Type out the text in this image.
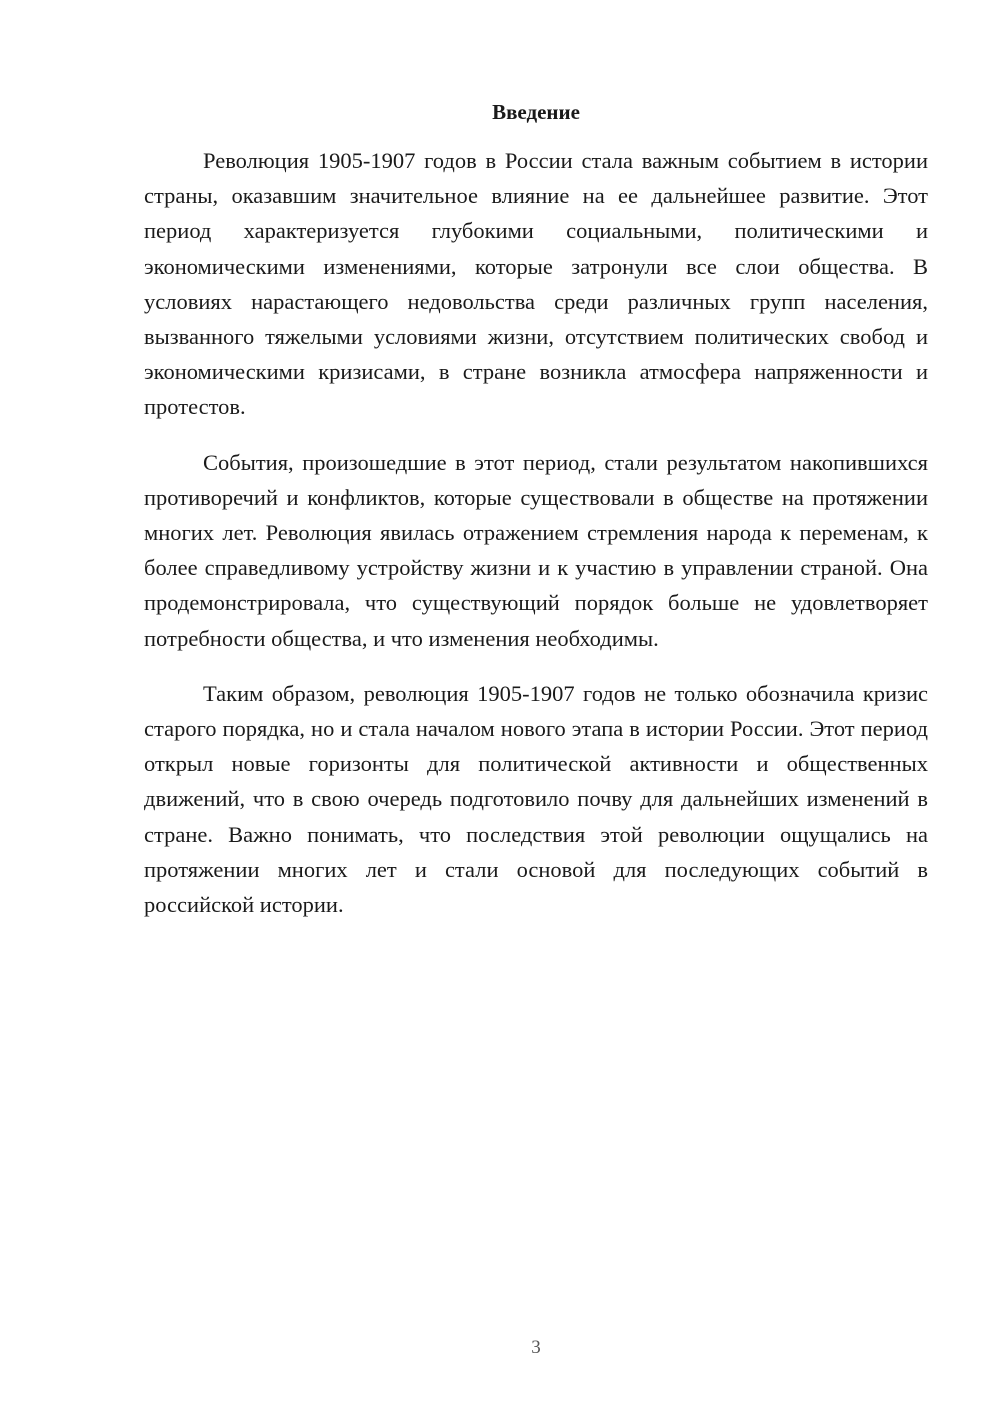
Введение

Революция 1905-1907 годов в России стала важным событием в истории страны, оказавшим значительное влияние на ее дальнейшее развитие. Этот период характеризуется глубокими социальными, политическими и экономическими изменениями, которые затронули все слои общества. В условиях нарастающего недовольства среди различных групп населения, вызванного тяжелыми условиями жизни, отсутствием политических свобод и экономическими кризисами, в стране возникла атмосфера напряженности и протестов.

События, произошедшие в этот период, стали результатом накопившихся противоречий и конфликтов, которые существовали в обществе на протяжении многих лет. Революция явилась отражением стремления народа к переменам, к более справедливому устройству жизни и к участию в управлении страной. Она продемонстрировала, что существующий порядок больше не удовлетворяет потребности общества, и что изменения необходимы.

Таким образом, революция 1905-1907 годов не только обозначила кризис старого порядка, но и стала началом нового этапа в истории России. Этот период открыл новые горизонты для политической активности и общественных движений, что в свою очередь подготовило почву для дальнейших изменений в стране. Важно понимать, что последствия этой революции ощущались на протяжении многих лет и стали основой для последующих событий в российской истории.

3
